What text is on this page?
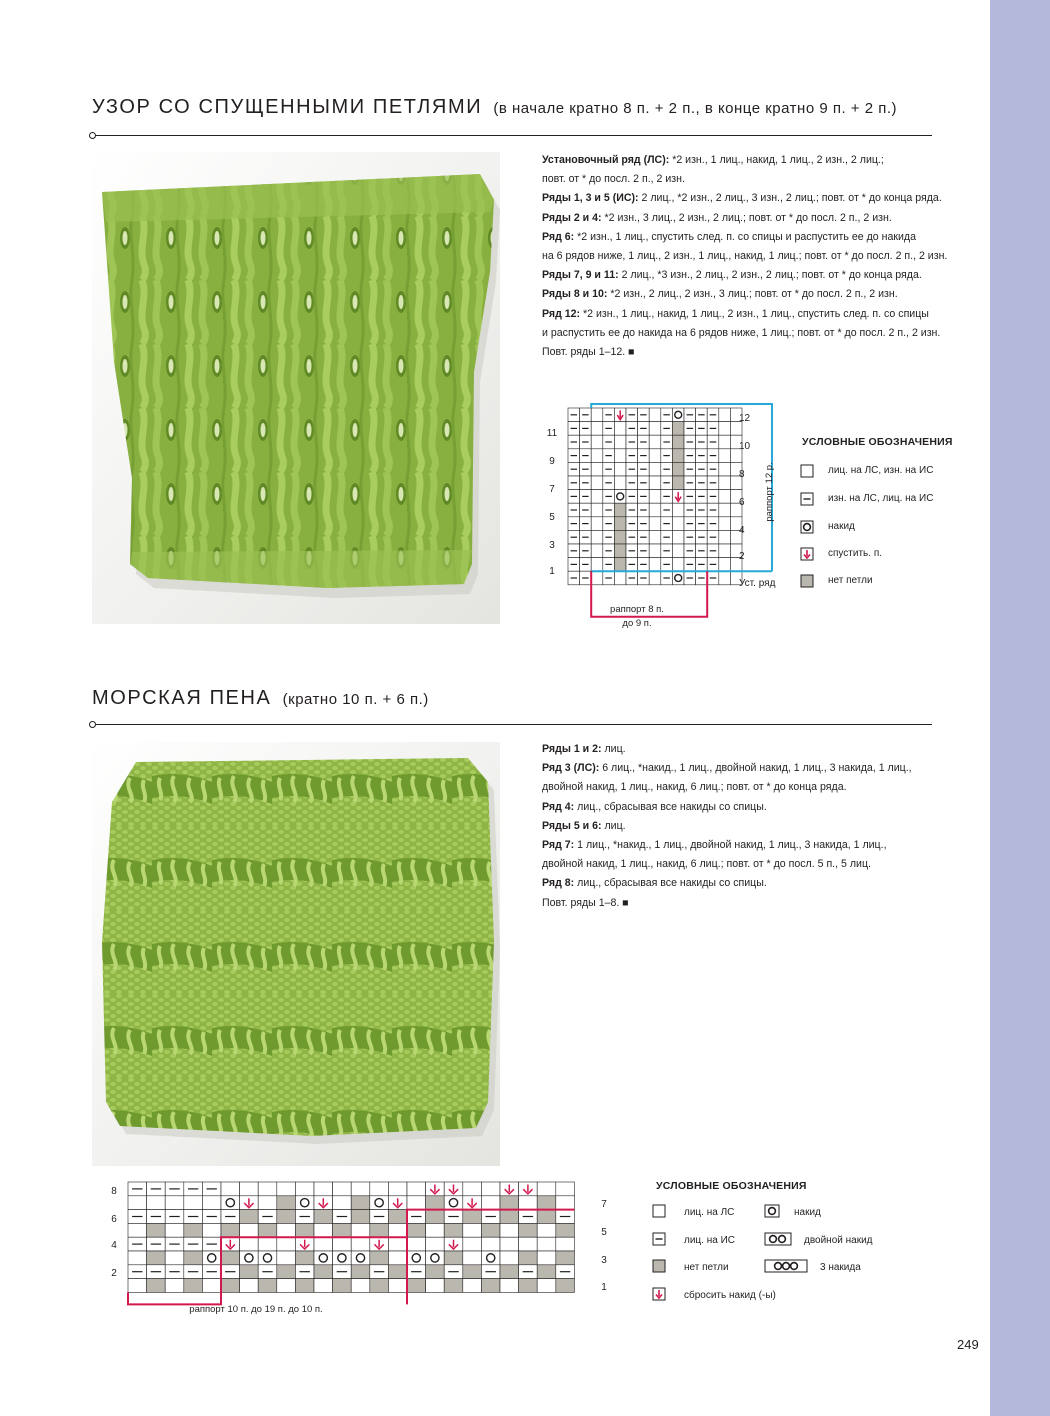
УЗОР СО СПУЩЕННЫМИ ПЕТЛЯМИ (в начале кратно 8 п. + 2 п., в конце кратно 9 п. + 2 п.)
Установочный ряд (ЛС): *2 изн., 1 лиц., накид, 1 лиц., 2 изн., 2 лиц.;
повт. от * до посл. 2 п., 2 изн.
Ряды 1, 3 и 5 (ИС): 2 лиц., *2 изн., 2 лиц., 3 изн., 2 лиц.; повт. от * до конца ряда.
Ряды 2 и 4: *2 изн., 3 лиц., 2 изн., 2 лиц.; повт. от * до посл. 2 п., 2 изн.
Ряд 6: *2 изн., 1 лиц., спустить след. п. со спицы и распустить ее до накида
на 6 рядов ниже, 1 лиц., 2 изн., 1 лиц., накид, 1 лиц.; повт. от * до посл. 2 п., 2 изн.
Ряды 7, 9 и 11: 2 лиц., *3 изн., 2 лиц., 2 изн., 2 лиц.; повт. от * до конца ряда.
Ряды 8 и 10: *2 изн., 2 лиц., 2 изн., 3 лиц.; повт. от * до посл. 2 п., 2 изн.
Ряд 12: *2 изн., 1 лиц., накид, 1 лиц., 2 изн., 1 лиц., спустить след. п. со спицы
и распустить ее до накида на 6 рядов ниже, 1 лиц.; повт. от * до посл. 2 п., 2 изн.
Повт. ряды 1–12. ■
11
9
7
5
3
1
12
10
8
6
4
2
Уст. ряд
раппорт 12 р.
раппорт 8 п.
до 9 п.
УСЛОВНЫЕ ОБОЗНАЧЕНИЯ
лиц. на ЛС, изн. на ИС
изн. на ЛС, лиц. на ИС
накид
спустить. п.
нет петли
МОРСКАЯ ПЕНА (кратно 10 п. + 6 п.)
Ряды 1 и 2: лиц.
Ряд 3 (ЛС): 6 лиц., *накид., 1 лиц., двойной накид, 1 лиц., 3 накида, 1 лиц.,
двойной накид, 1 лиц., накид, 6 лиц.; повт. от * до конца ряда.
Ряд 4: лиц., сбрасывая все накиды со спицы.
Ряды 5 и 6: лиц.
Ряд 7: 1 лиц., *накид., 1 лиц., двойной накид, 1 лиц., 3 накида, 1 лиц.,
двойной накид, 1 лиц., накид, 6 лиц.; повт. от * до посл. 5 п., 5 лиц.
Ряд 8: лиц., сбрасывая все накиды со спицы.
Повт. ряды 1–8. ■
8
6
4
2
7
5
3
1
раппорт 10 п. до 19 п. до 10 п.
УСЛОВНЫЕ ОБОЗНАЧЕНИЯ
лиц. на ЛС
лиц. на ИС
нет петли
сбросить накид (-ы)
накид
двойной накид
3 накида
249
